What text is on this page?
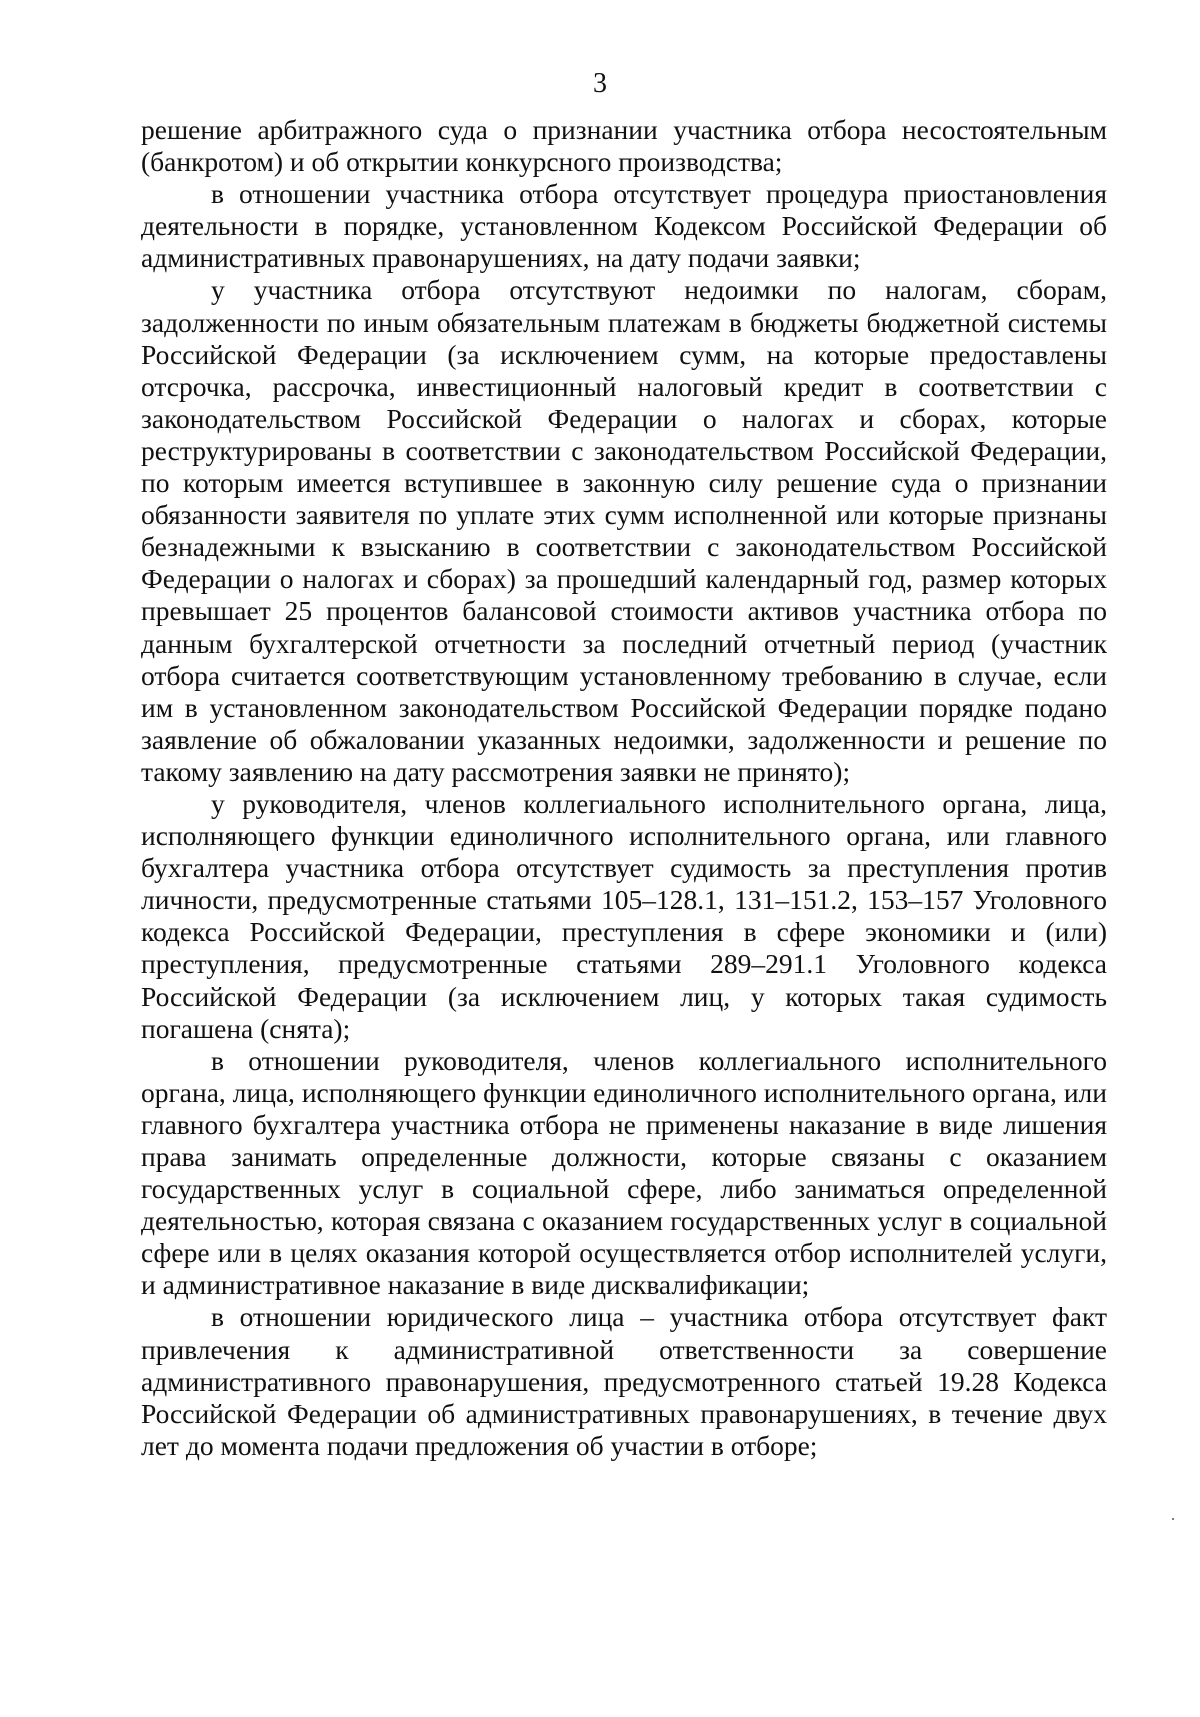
3

решение арбитражного суда о признании участника отбора несостоятельным (банкротом) и об открытии конкурсного производства;

в отношении участника отбора отсутствует процедура приостановления деятельности в порядке, установленном Кодексом Российской Федерации об административных правонарушениях, на дату подачи заявки;

у участника отбора отсутствуют недоимки по налогам, сборам, задолженности по иным обязательным платежам в бюджеты бюджетной системы Российской Федерации (за исключением сумм, на которые предоставлены отсрочка, рассрочка, инвестиционный налоговый кредит в соответствии с законодательством Российской Федерации о налогах и сборах, которые реструктурированы в соответствии с законодательством Российской Федерации, по которым имеется вступившее в законную силу решение суда о признании обязанности заявителя по уплате этих сумм исполненной или которые признаны безнадежными к взысканию в соответствии с законодательством Российской Федерации о налогах и сборах) за прошедший календарный год, размер которых превышает 25 процентов балансовой стоимости активов участника отбора по данным бухгалтерской отчетности за последний отчетный период (участник отбора считается соответствующим установленному требованию в случае, если им в установленном законодательством Российской Федерации порядке подано заявление об обжаловании указанных недоимки, задолженности и решение по такому заявлению на дату рассмотрения заявки не принято);

у руководителя, членов коллегиального исполнительного органа, лица, исполняющего функции единоличного исполнительного органа, или главного бухгалтера участника отбора отсутствует судимость за преступления против личности, предусмотренные статьями 105–128.1, 131–151.2, 153–157 Уголовного кодекса Российской Федерации, преступления в сфере экономики и (или) преступления, предусмотренные статьями 289–291.1 Уголовного кодекса Российской Федерации (за исключением лиц, у которых такая судимость погашена (снята);

в отношении руководителя, членов коллегиального исполнительного органа, лица, исполняющего функции единоличного исполнительного органа, или главного бухгалтера участника отбора не применены наказание в виде лишения права занимать определенные должности, которые связаны с оказанием государственных услуг в социальной сфере, либо заниматься определенной деятельностью, которая связана с оказанием государственных услуг в социальной сфере или в целях оказания которой осуществляется отбор исполнителей услуги, и административное наказание в виде дисквалификации;

в отношении юридического лица – участника отбора отсутствует факт привлечения к административной ответственности за совершение административного правонарушения, предусмотренного статьей 19.28 Кодекса Российской Федерации об административных правонарушениях, в течение двух лет до момента подачи предложения об участии в отборе;
